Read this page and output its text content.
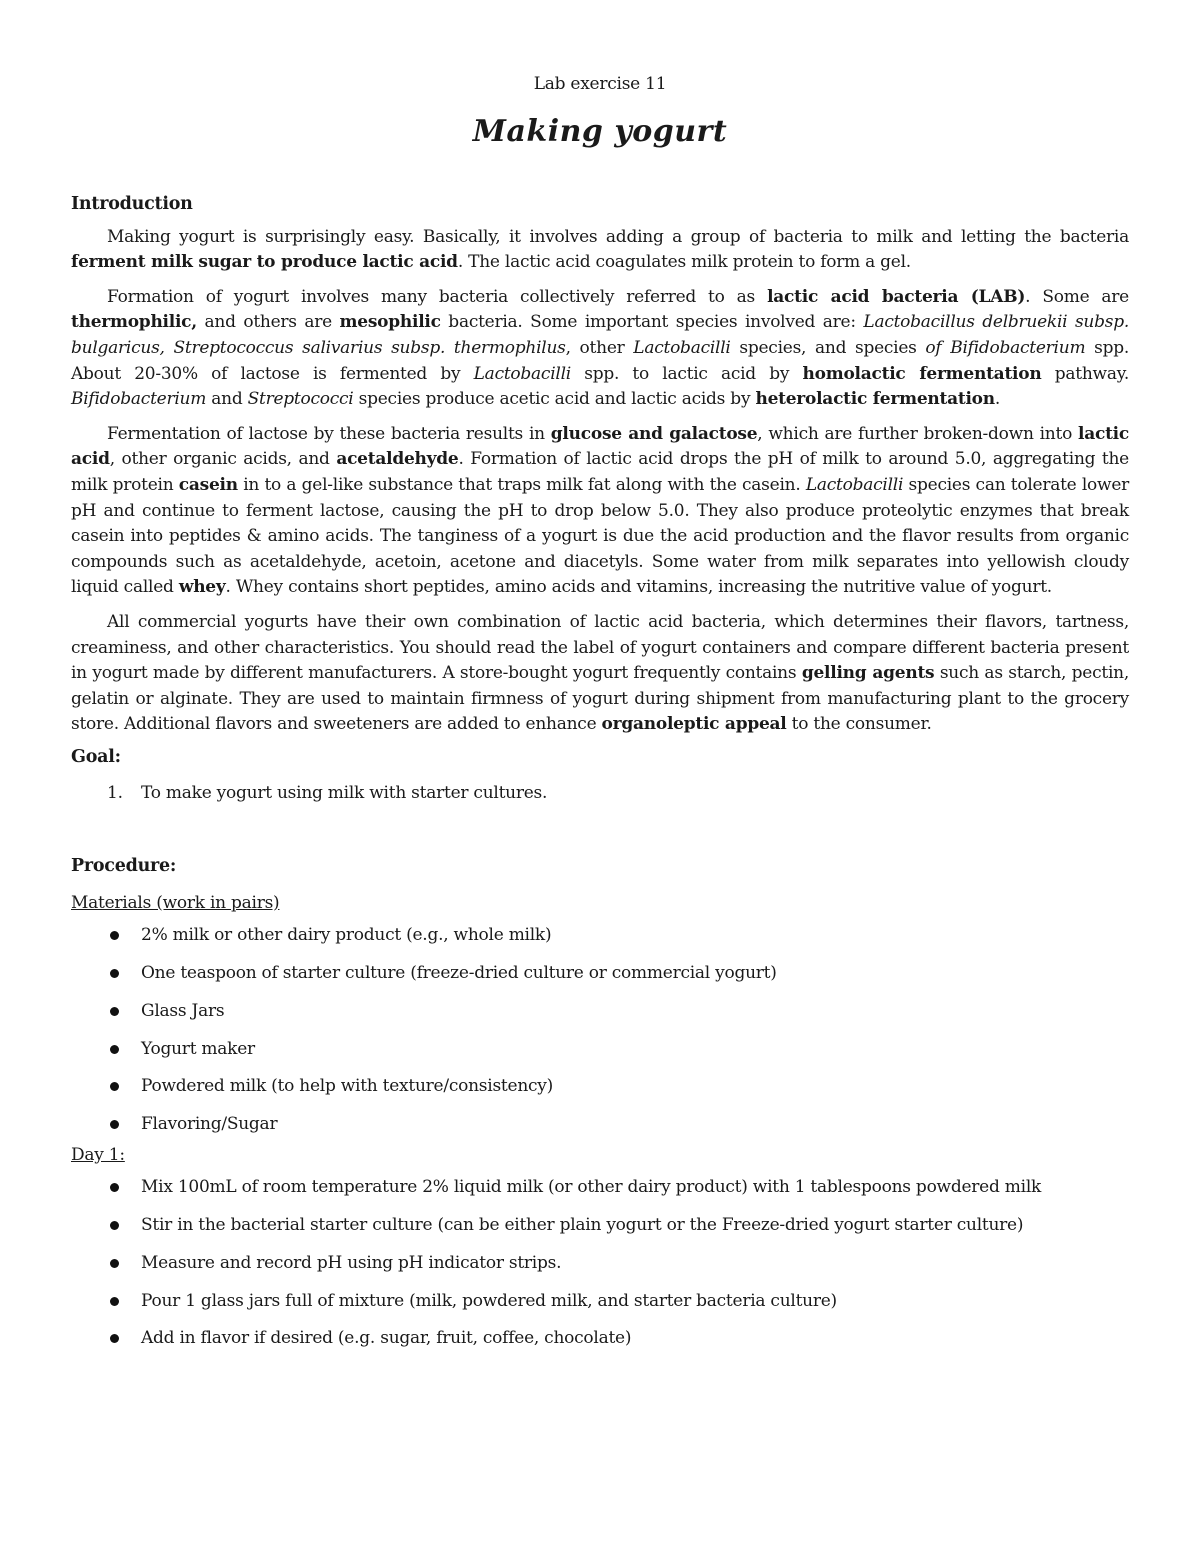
Lab exercise 11

Making yogurt
Introduction

Making yogurt is surprisingly easy. Basically, it involves adding a group of bacteria to milk and letting the bacteria ferment milk sugar to produce lactic acid. The lactic acid coagulates milk protein to form a gel.

Formation of yogurt involves many bacteria collectively referred to as lactic acid bacteria (LAB). Some are thermophilic, and others are mesophilic bacteria. Some important species involved are: Lactobacillus delbruekii subsp. bulgaricus, Streptococcus salivarius subsp. thermophilus, other Lactobacilli species, and species of Bifidobacterium spp. About 20-30% of lactose is fermented by Lactobacilli spp. to lactic acid by homolactic fermentation pathway. Bifidobacterium and Streptococci species produce acetic acid and lactic acids by heterolactic fermentation.

Fermentation of lactose by these bacteria results in glucose and galactose, which are further broken-down into lactic acid, other organic acids, and acetaldehyde. Formation of lactic acid drops the pH of milk to around 5.0, aggregating the milk protein casein in to a gel-like substance that traps milk fat along with the casein. Lactobacilli species can tolerate lower pH and continue to ferment lactose, causing the pH to drop below 5.0. They also produce proteolytic enzymes that break casein into peptides & amino acids. The tanginess of a yogurt is due the acid production and the flavor results from organic compounds such as acetaldehyde, acetoin, acetone and diacetyls. Some water from milk separates into yellowish cloudy liquid called whey. Whey contains short peptides, amino acids and vitamins, increasing the nutritive value of yogurt.

All commercial yogurts have their own combination of lactic acid bacteria, which determines their flavors, tartness, creaminess, and other characteristics. You should read the label of yogurt containers and compare different bacteria present in yogurt made by different manufacturers. A store-bought yogurt frequently contains gelling agents such as starch, pectin, gelatin or alginate. They are used to maintain firmness of yogurt during shipment from manufacturing plant to the grocery store. Additional flavors and sweeteners are added to enhance organoleptic appeal to the consumer.

Goal:
1. To make yogurt using milk with starter cultures.
Procedure:

Materials (work in pairs)

2% milk or other dairy product (e.g., whole milk)
One teaspoon of starter culture (freeze-dried culture or commercial yogurt)
Glass Jars
Yogurt maker
Powdered milk (to help with texture/consistency)
Flavoring/Sugar

Day 1:

Mix 100mL of room temperature 2% liquid milk (or other dairy product) with 1 tablespoons powdered milk
Stir in the bacterial starter culture (can be either plain yogurt or the Freeze-dried yogurt starter culture)
Measure and record pH using pH indicator strips.
Pour 1 glass jars full of mixture (milk, powdered milk, and starter bacteria culture)
Add in flavor if desired (e.g. sugar, fruit, coffee, chocolate)
